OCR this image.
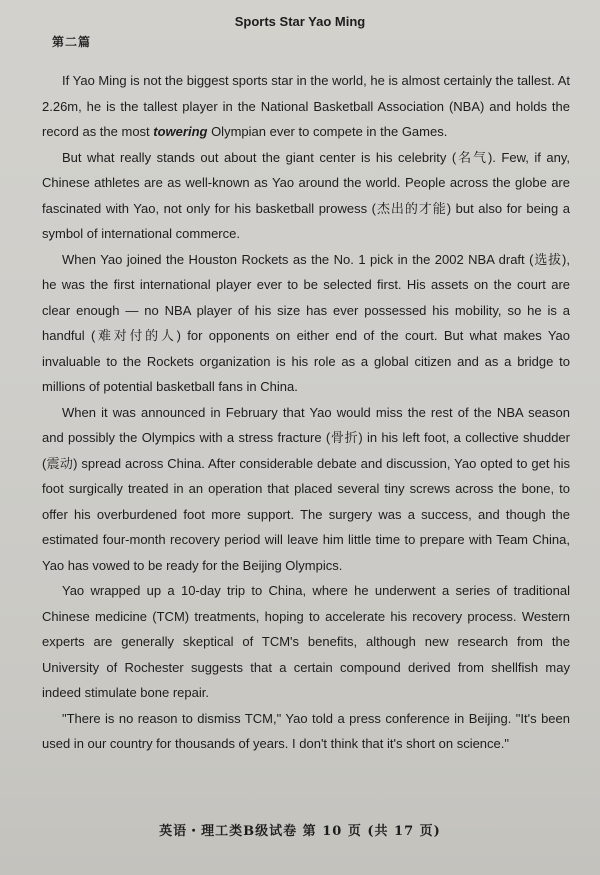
第二篇
Sports Star Yao Ming

If Yao Ming is not the biggest sports star in the world, he is almost certainly the tallest. At 2.26m, he is the tallest player in the National Basketball Association (NBA) and holds the record as the most towering Olympian ever to compete in the Games.

But what really stands out about the giant center is his celebrity (名气). Few, if any, Chinese athletes are as well-known as Yao around the world. People across the globe are fascinated with Yao, not only for his basketball prowess (杰出的才能) but also for being a symbol of international commerce.

When Yao joined the Houston Rockets as the No. 1 pick in the 2002 NBA draft (选拔), he was the first international player ever to be selected first. His assets on the court are clear enough — no NBA player of his size has ever possessed his mobility, so he is a handful (难对付的人) for opponents on either end of the court. But what makes Yao invaluable to the Rockets organization is his role as a global citizen and as a bridge to millions of potential basketball fans in China.

When it was announced in February that Yao would miss the rest of the NBA season and possibly the Olympics with a stress fracture (骨折) in his left foot, a collective shudder (震动) spread across China. After considerable debate and discussion, Yao opted to get his foot surgically treated in an operation that placed several tiny screws across the bone, to offer his overburdened foot more support. The surgery was a success, and though the estimated four-month recovery period will leave him little time to prepare with Team China, Yao has vowed to be ready for the Beijing Olympics.

Yao wrapped up a 10-day trip to China, where he underwent a series of traditional Chinese medicine (TCM) treatments, hoping to accelerate his recovery process. Western experts are generally skeptical of TCM's benefits, although new research from the University of Rochester suggests that a certain compound derived from shellfish may indeed stimulate bone repair.

"There is no reason to dismiss TCM," Yao told a press conference in Beijing. "It's been used in our country for thousands of years. I don't think that it's short on science."

英语・理工类B级试卷 第 10 页 (共 17 页)
